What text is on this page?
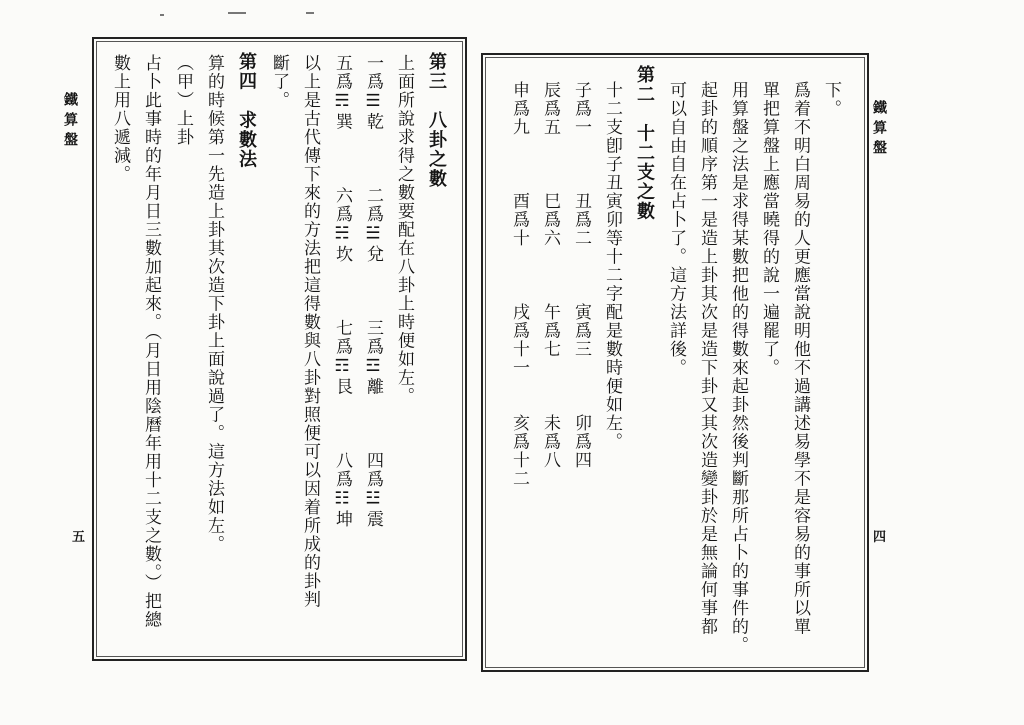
鐵算盤
五
第三　八卦之數
上面所說求得之數要配在八卦上時便如左。
一爲☰乾　　　二爲☱兌　　　三爲☲離　　　四爲☳震
五爲☴巽　　　六爲☵坎　　　七爲☶艮　　　八爲☷坤
以上是古代傳下來的方法把這得數與八卦對照便可以因着所成的卦判
斷了。
第四　求數法
算的時候第一先造上卦其次造下卦上面說過了。這方法如左。
（甲）上卦
占卜此事時的年月日三數加起來。（月日用陰曆年用十二支之數。）把總
數上用八遞減。	下。
爲着不明白周易的人更應當說明他不過講述易學不是容易的事所以單
單把算盤上應當曉得的說一遍罷了。
用算盤之法是求得某數把他的得數來起卦然後判斷那所占卜的事件的。
起卦的順序第一是造上卦其次是造下卦又其次造變卦於是無論何事都
可以自由自在占卜了。這方法詳後。
第二　十二支之數
十二支卽子丑寅卯等十二字配是數時便如左。
子爲一　　　丑爲二　　　寅爲三　　　卯爲四
辰爲五　　　巳爲六　　　午爲七　　　未爲八
申爲九　　　酉爲十　　　戌爲十一　　亥爲十二	鐵算盤
四
